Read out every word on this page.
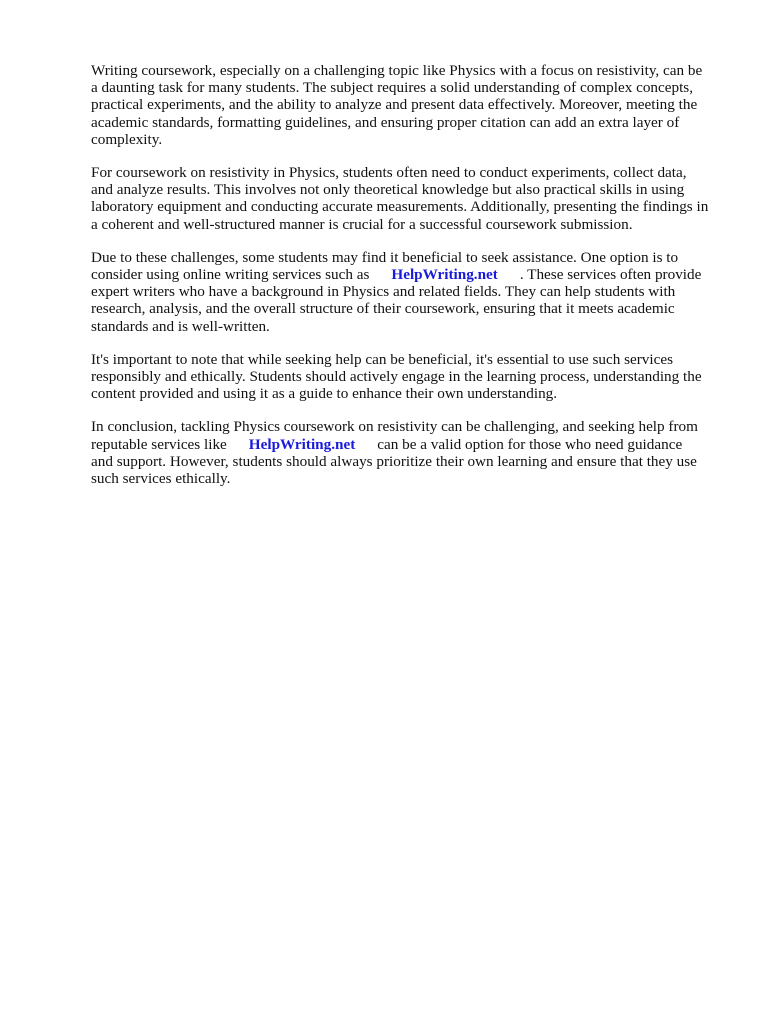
Writing coursework, especially on a challenging topic like Physics with a focus on resistivity, can be
a daunting task for many students. The subject requires a solid understanding of complex concepts,
practical experiments, and the ability to analyze and present data effectively. Moreover, meeting the
academic standards, formatting guidelines, and ensuring proper citation can add an extra layer of
complexity.

For coursework on resistivity in Physics, students often need to conduct experiments, collect data,
and analyze results. This involves not only theoretical knowledge but also practical skills in using
laboratory equipment and conducting accurate measurements. Additionally, presenting the findings in
a coherent and well-structured manner is crucial for a successful coursework submission.

Due to these challenges, some students may find it beneficial to seek assistance. One option is to
consider using online writing services such as HelpWriting.net . These services often provide
expert writers who have a background in Physics and related fields. They can help students with
research, analysis, and the overall structure of their coursework, ensuring that it meets academic
standards and is well-written.

It's important to note that while seeking help can be beneficial, it's essential to use such services
responsibly and ethically. Students should actively engage in the learning process, understanding the
content provided and using it as a guide to enhance their own understanding.

In conclusion, tackling Physics coursework on resistivity can be challenging, and seeking help from
reputable services like HelpWriting.net can be a valid option for those who need guidance
and support. However, students should always prioritize their own learning and ensure that they use
such services ethically.
